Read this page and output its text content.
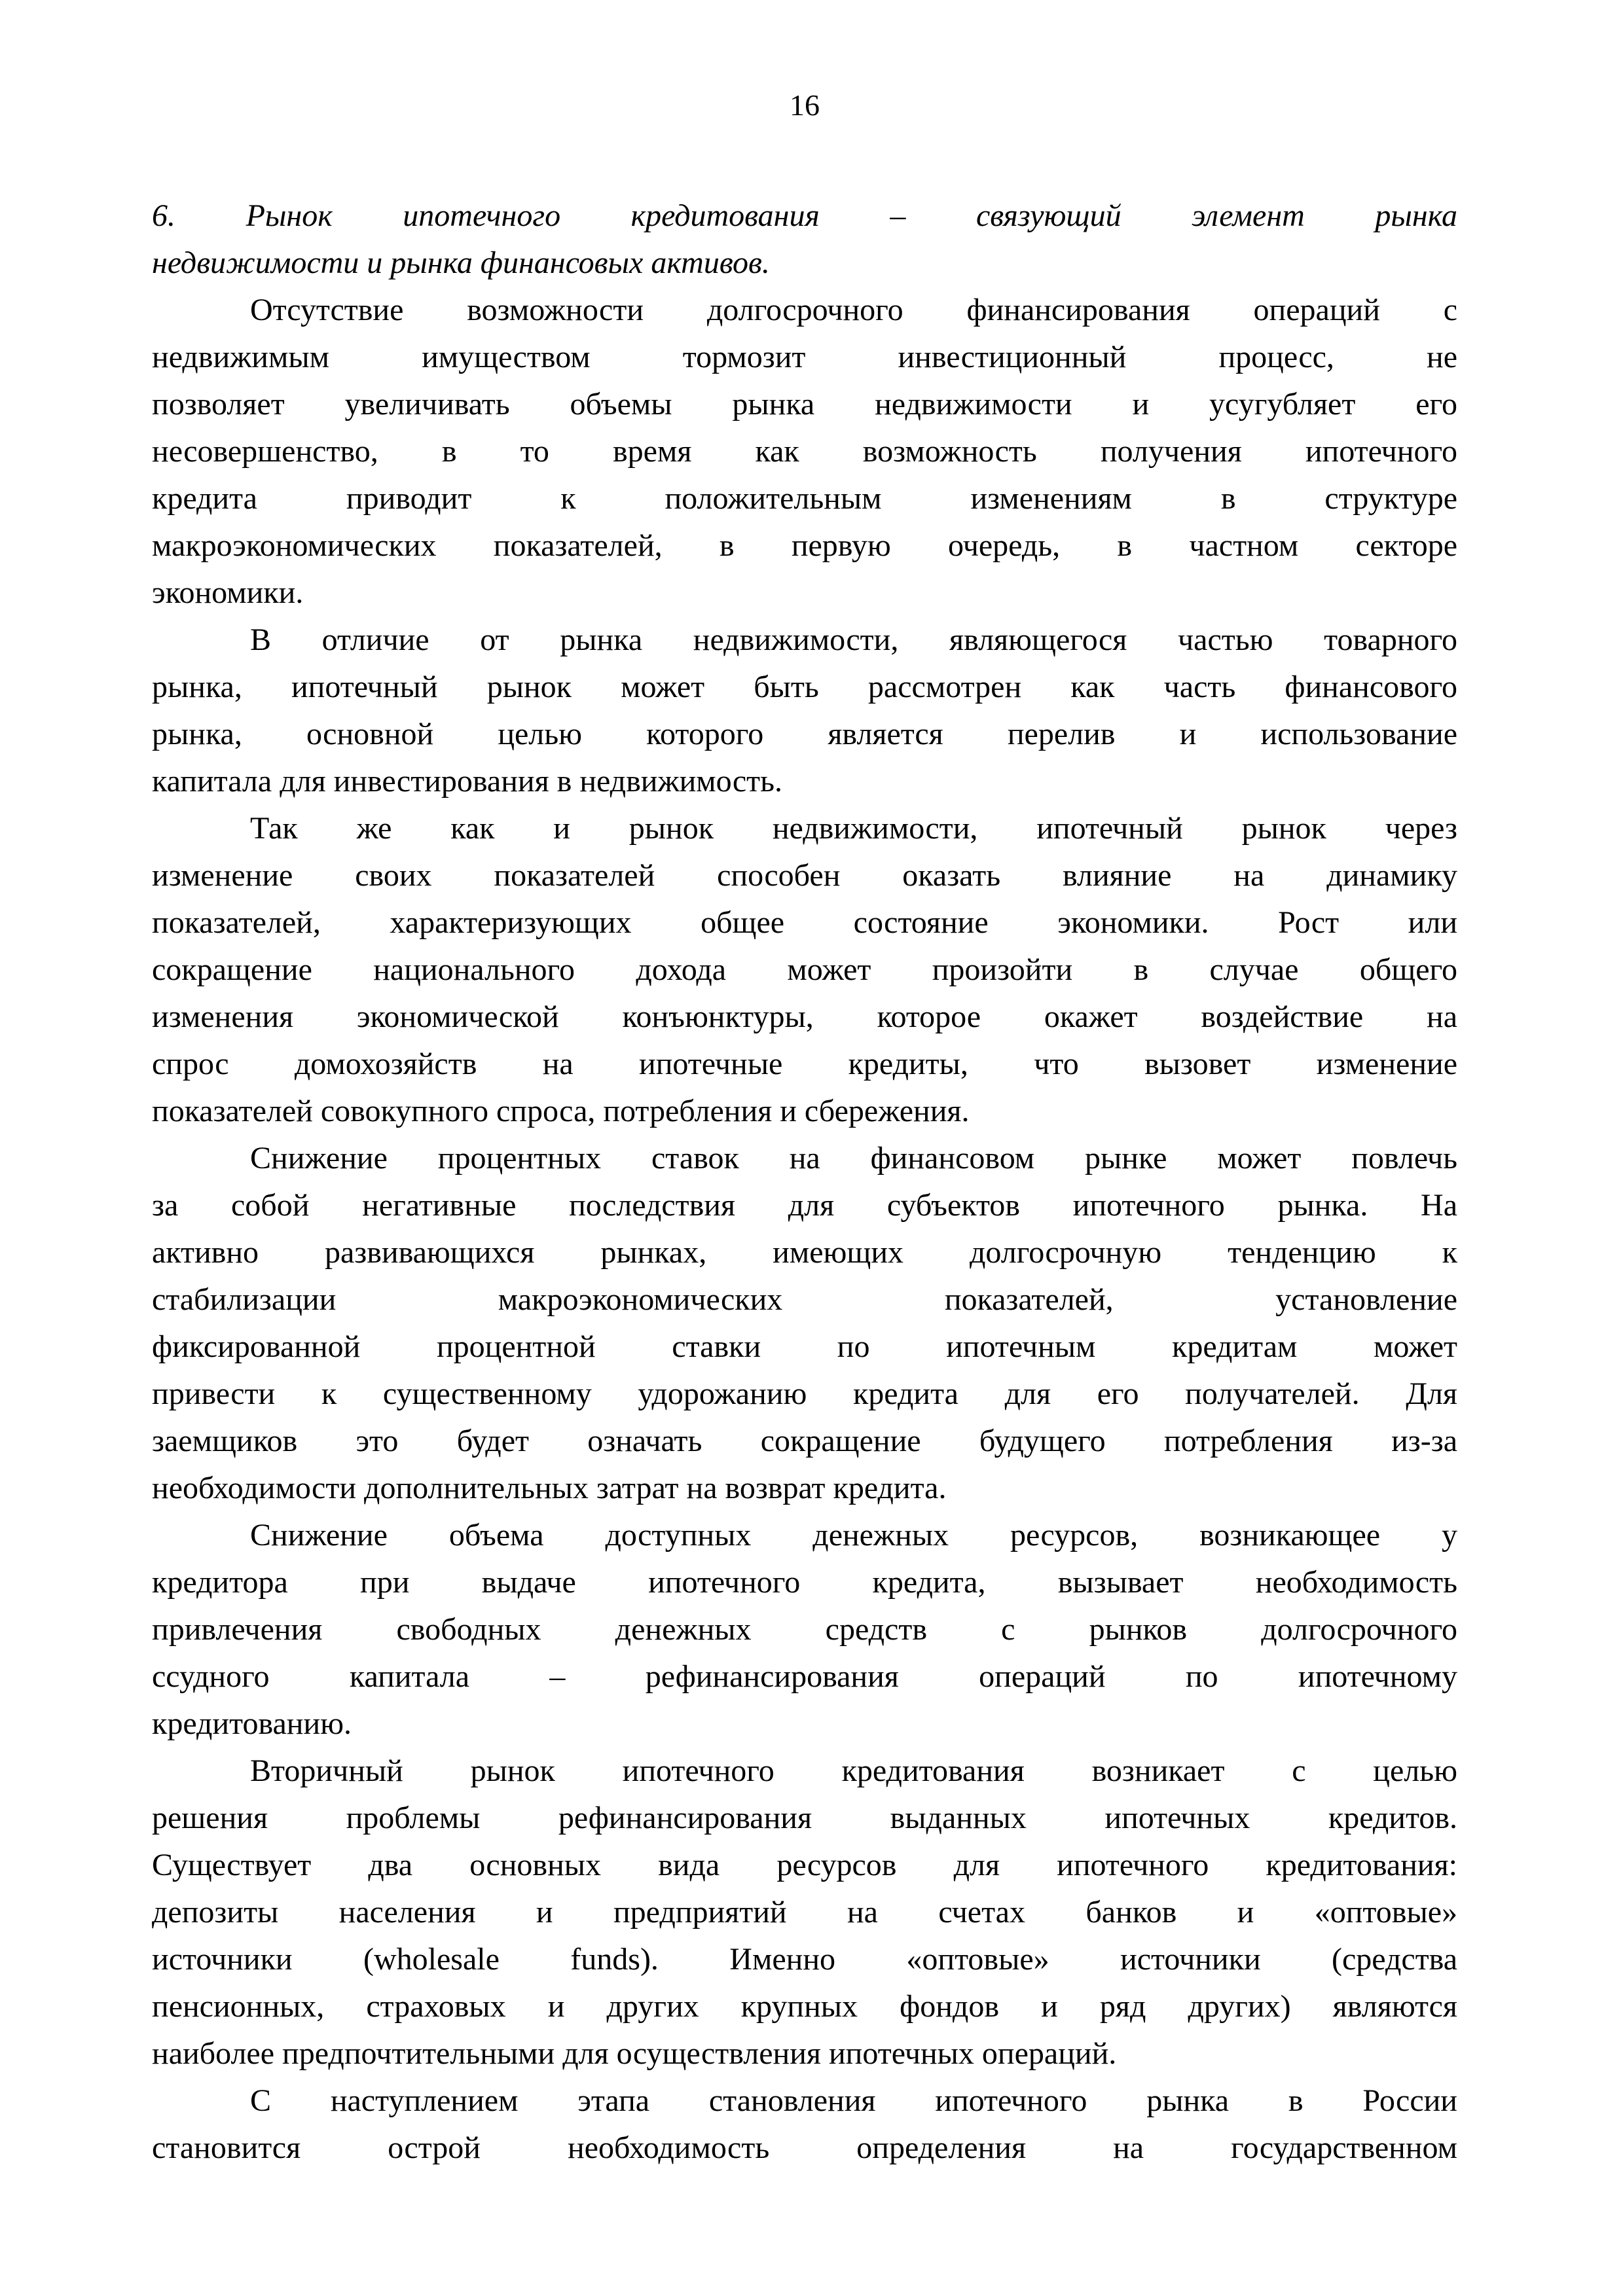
16
6. Рынок ипотечного кредитования – связующий элемент рынка
недвижимости и рынка финансовых активов.
Отсутствие возможности долгосрочного финансирования операций с
недвижимым имуществом тормозит инвестиционный процесс, не
позволяет увеличивать объемы рынка недвижимости и усугубляет его
несовершенство, в то время как возможность получения ипотечного
кредита приводит к положительным изменениям в структуре
макроэкономических показателей, в первую очередь, в частном секторе
экономики.
В отличие от рынка недвижимости, являющегося частью товарного
рынка, ипотечный рынок может быть рассмотрен как часть финансового
рынка, основной целью которого является перелив и использование
капитала для инвестирования в недвижимость.
Так же как и рынок недвижимости, ипотечный рынок через
изменение своих показателей способен оказать влияние на динамику
показателей, характеризующих общее состояние экономики. Рост или
сокращение национального дохода может произойти в случае общего
изменения экономической конъюнктуры, которое окажет воздействие на
спрос домохозяйств на ипотечные кредиты, что вызовет изменение
показателей совокупного спроса, потребления и сбережения.
Снижение процентных ставок на финансовом рынке может повлечь
за собой негативные последствия для субъектов ипотечного рынка. На
активно развивающихся рынках, имеющих долгосрочную тенденцию к
стабилизации макроэкономических показателей, установление
фиксированной процентной ставки по ипотечным кредитам может
привести к существенному удорожанию кредита для его получателей. Для
заемщиков это будет означать сокращение будущего потребления из-за
необходимости дополнительных затрат на возврат кредита.
Снижение объема доступных денежных ресурсов, возникающее у
кредитора при выдаче ипотечного кредита, вызывает необходимость
привлечения свободных денежных средств с рынков долгосрочного
ссудного капитала – рефинансирования операций по ипотечному
кредитованию.
Вторичный рынок ипотечного кредитования возникает с целью
решения проблемы рефинансирования выданных ипотечных кредитов.
Существует два основных вида ресурсов для ипотечного кредитования:
депозиты населения и предприятий на счетах банков и «оптовые»
источники (wholesale funds). Именно «оптовые» источники (средства
пенсионных, страховых и других крупных фондов и ряд других) являются
наиболее предпочтительными для осуществления ипотечных операций.
С наступлением этапа становления ипотечного рынка в России
становится острой необходимость определения на государственном
